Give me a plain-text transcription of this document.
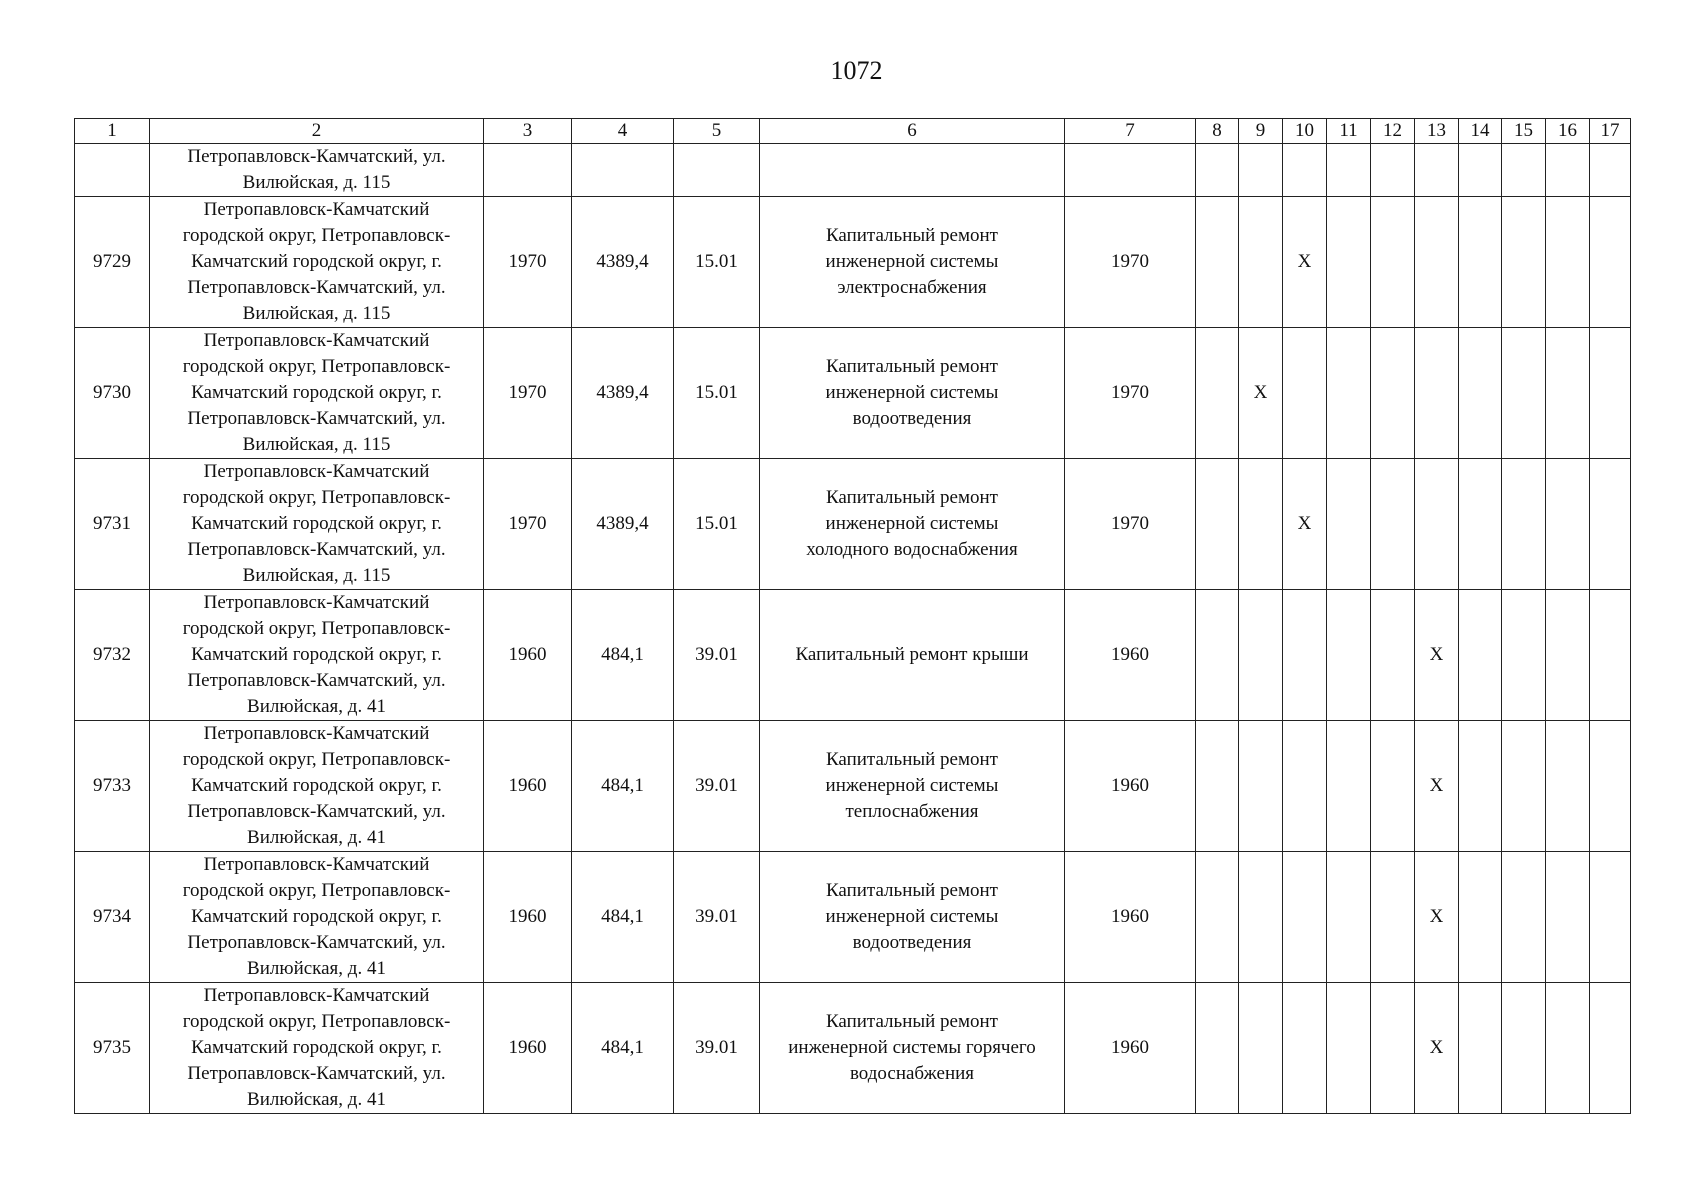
1072
1	2	3	4	5	6	7	8	9	10	11	12	13	14	15	16	17
	Петропавловск-Камчатский, ул.
Вилюйская, д. 115															
9729	Петропавловск-Камчатский
городской округ, Петропавловск-
Камчатский городской округ, г.
Петропавловск-Камчатский, ул.
Вилюйская, д. 115	1970	4389,4	15.01	Капитальный ремонт
инженерной системы
электроснабжения	1970			X							
9730	Петропавловск-Камчатский
городской округ, Петропавловск-
Камчатский городской округ, г.
Петропавловск-Камчатский, ул.
Вилюйская, д. 115	1970	4389,4	15.01	Капитальный ремонт
инженерной системы
водоотведения	1970		X								
9731	Петропавловск-Камчатский
городской округ, Петропавловск-
Камчатский городской округ, г.
Петропавловск-Камчатский, ул.
Вилюйская, д. 115	1970	4389,4	15.01	Капитальный ремонт
инженерной системы
холодного водоснабжения	1970			X							
9732	Петропавловск-Камчатский
городской округ, Петропавловск-
Камчатский городской округ, г.
Петропавловск-Камчатский, ул.
Вилюйская, д. 41	1960	484,1	39.01	Капитальный ремонт крыши	1960						X				
9733	Петропавловск-Камчатский
городской округ, Петропавловск-
Камчатский городской округ, г.
Петропавловск-Камчатский, ул.
Вилюйская, д. 41	1960	484,1	39.01	Капитальный ремонт
инженерной системы
теплоснабжения	1960						X				
9734	Петропавловск-Камчатский
городской округ, Петропавловск-
Камчатский городской округ, г.
Петропавловск-Камчатский, ул.
Вилюйская, д. 41	1960	484,1	39.01	Капитальный ремонт
инженерной системы
водоотведения	1960						X				
9735	Петропавловск-Камчатский
городской округ, Петропавловск-
Камчатский городской округ, г.
Петропавловск-Камчатский, ул.
Вилюйская, д. 41	1960	484,1	39.01	Капитальный ремонт
инженерной системы горячего
водоснабжения	1960						X				
